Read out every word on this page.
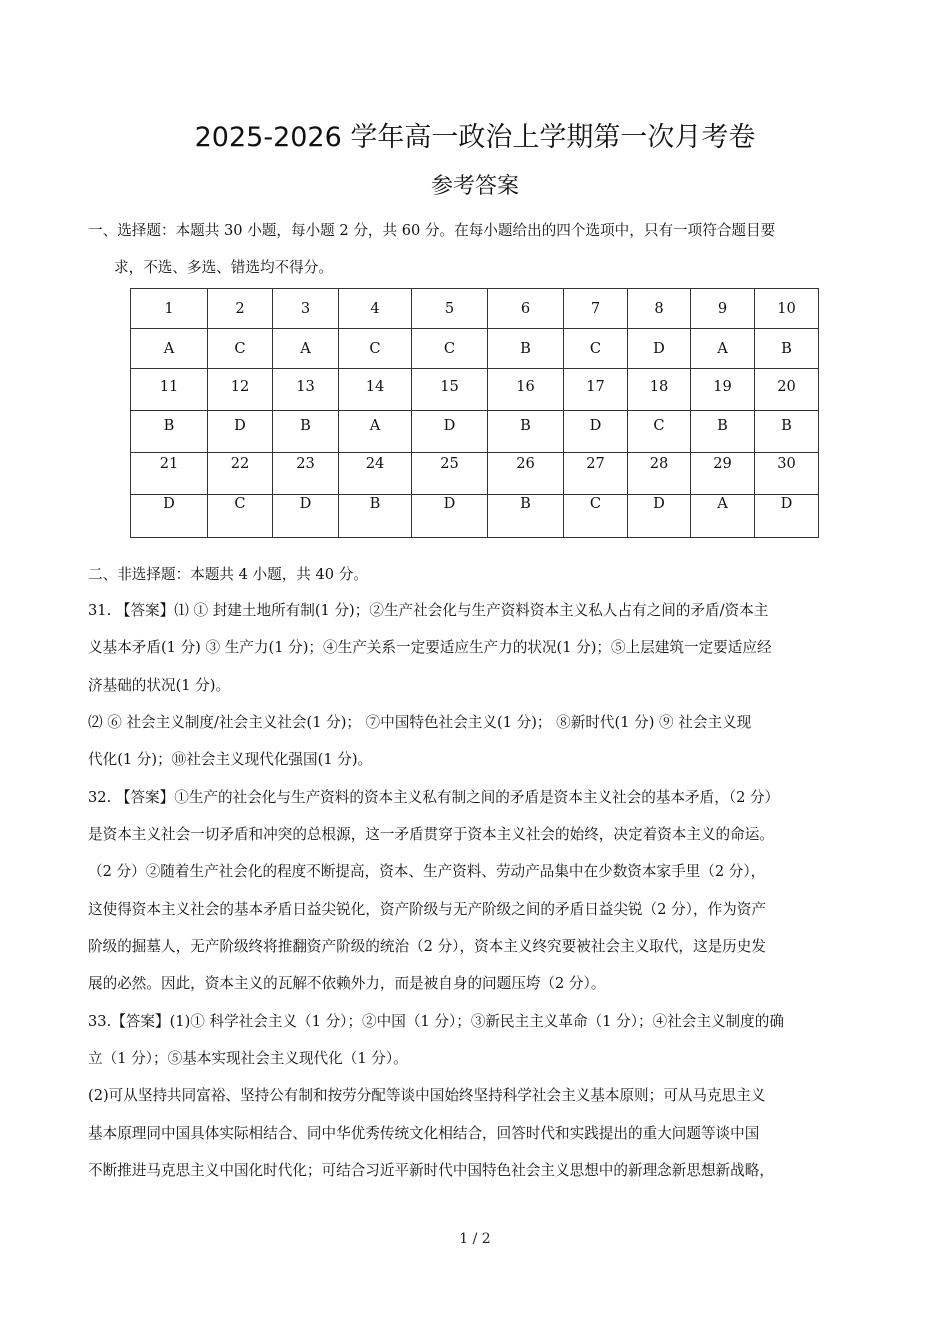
2025-2026 学年高一政治上学期第一次月考卷
参考答案
一、选择题：本题共 30 小题，每小题 2 分，共 60 分。在每小题给出的四个选项中，只有一项符合题目要
求，不选、多选、错选均不得分。
1	2	3	4	5	6	7	8	9	10
A	C	A	C	C	B	C	D	A	B
11	12	13	14	15	16	17	18	19	20
B	D	B	A	D	B	D	C	B	B
21	22	23	24	25	26	27	28	29	30
D	C	D	B	D	B	C	D	A	D
二、非选择题：本题共 4 小题，共 40 分。
31. 【答案】⑴ ① 封建土地所有制(1 分)；②生产社会化与生产资料资本主义私人占有之间的矛盾/资本主
义基本矛盾(1 分) ③ 生产力(1 分)；④生产关系一定要适应生产力的状况(1 分)；⑤上层建筑一定要适应经
济基础的状况(1 分)。
⑵ ⑥ 社会主义制度/社会主义社会(1 分)； ⑦中国特色社会主义(1 分)； ⑧新时代(1 分) ⑨ 社会主义现
代化(1 分)；⑩社会主义现代化强国(1 分)。
32. 【答案】①生产的社会化与生产资料的资本主义私有制之间的矛盾是资本主义社会的基本矛盾，（2 分）
是资本主义社会一切矛盾和冲突的总根源，这一矛盾贯穿于资本主义社会的始终，决定着资本主义的命运。
（2 分）②随着生产社会化的程度不断提高，资本、生产资料、劳动产品集中在少数资本家手里（2 分），
这使得资本主义社会的基本矛盾日益尖锐化，资产阶级与无产阶级之间的矛盾日益尖锐（2 分），作为资产
阶级的掘墓人，无产阶级终将推翻资产阶级的统治（2 分），资本主义终究要被社会主义取代，这是历史发
展的必然。因此，资本主义的瓦解不依赖外力，而是被自身的问题压垮（2 分）。
33.【答案】(1)① 科学社会主义（1 分）；②中国（1 分）；③新民主主义革命（1 分）；④社会主义制度的确
立（1 分）；⑤基本实现社会主义现代化（1 分）。
(2)可从坚持共同富裕、坚持公有制和按劳分配等谈中国始终坚持科学社会主义基本原则；可从马克思主义
基本原理同中国具体实际相结合、同中华优秀传统文化相结合，回答时代和实践提出的重大问题等谈中国
不断推进马克思主义中国化时代化；可结合习近平新时代中国特色社会主义思想中的新理念新思想新战略，
1 / 2
